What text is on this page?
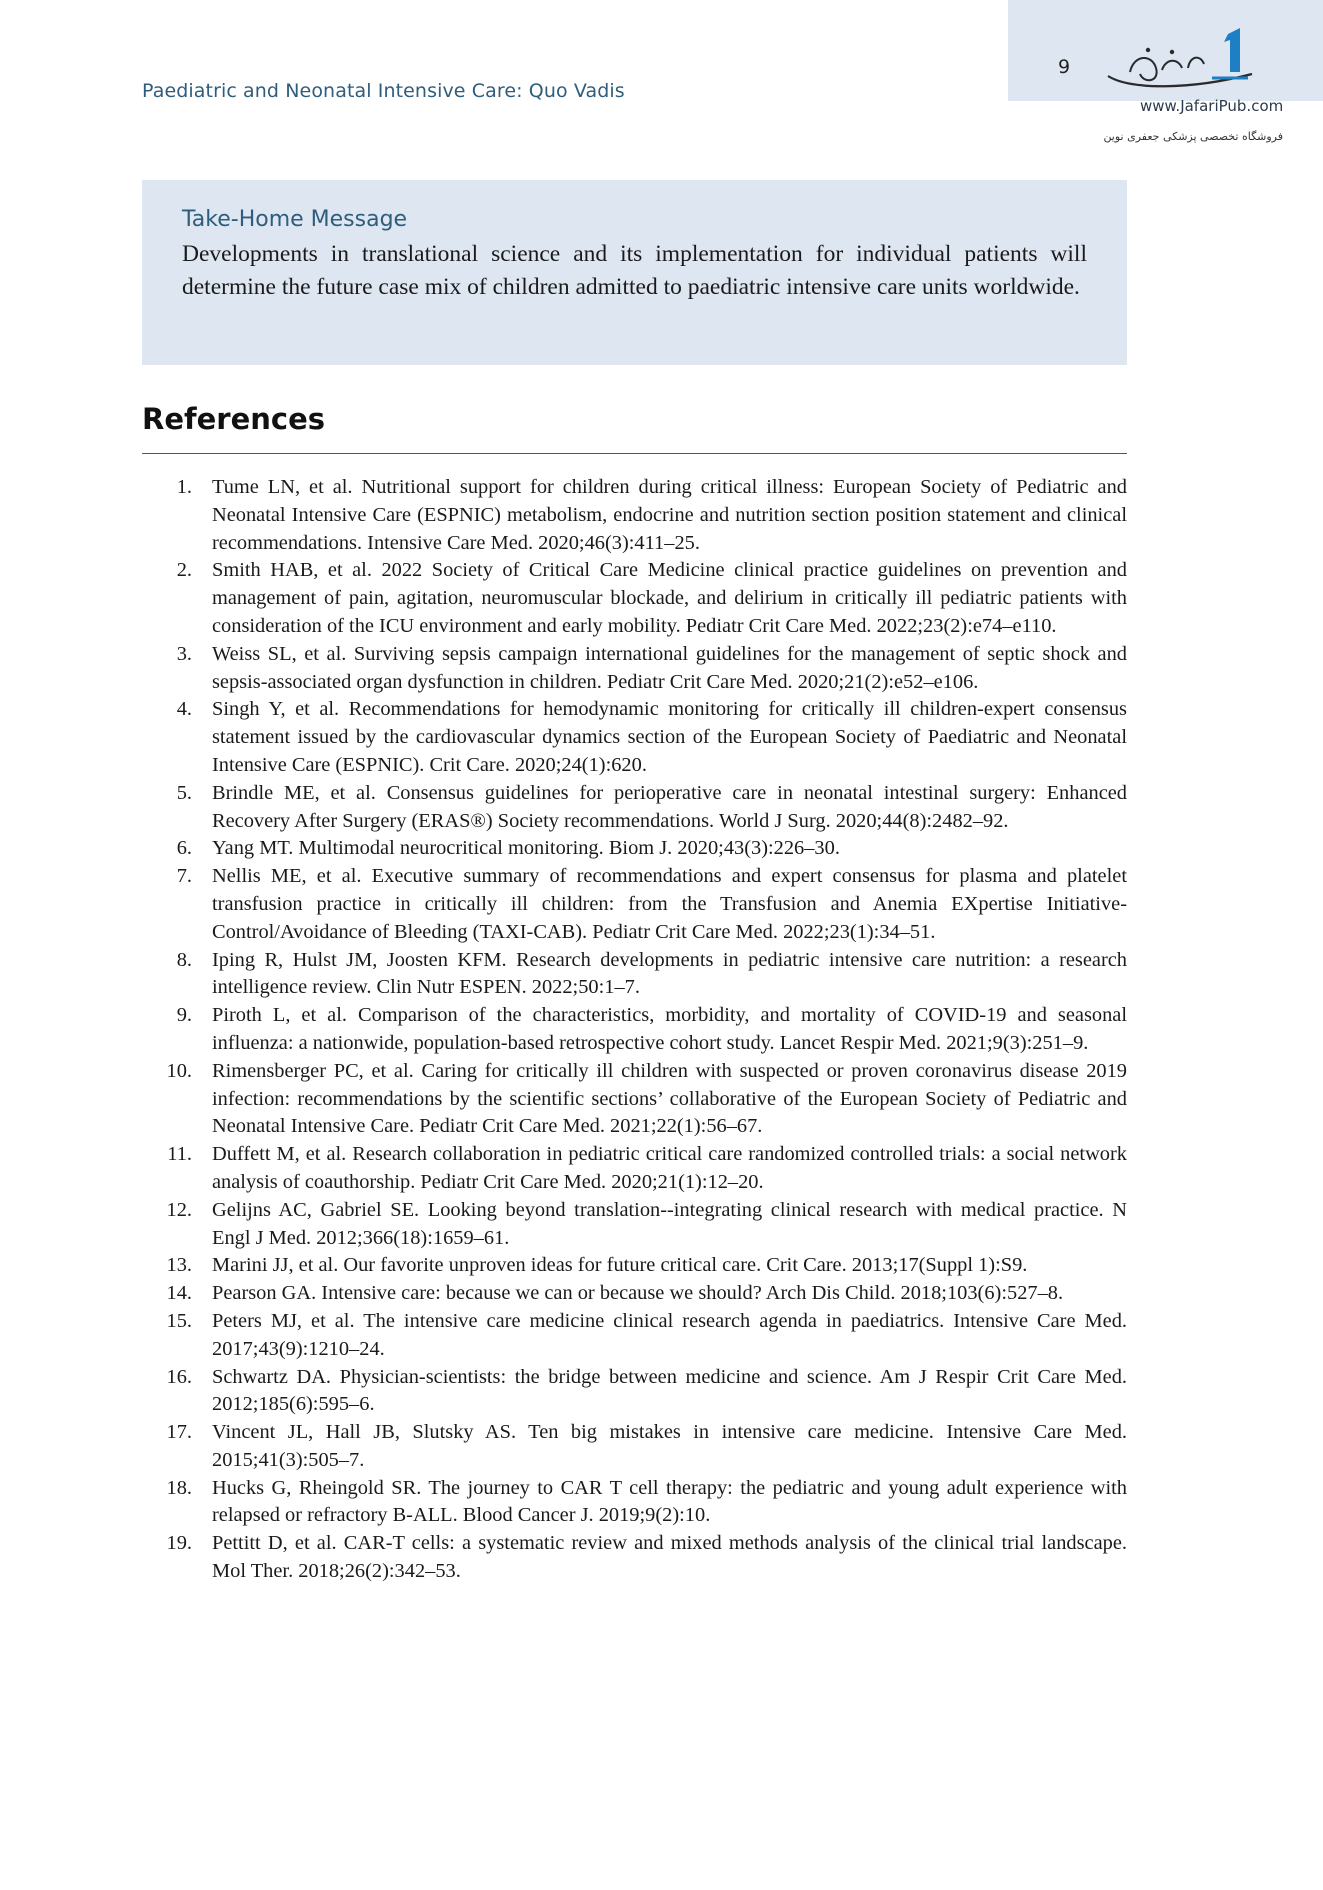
Paediatric and Neonatal Intensive Care: Quo Vadis
9
www.JafariPub.com
فروشگاه تخصصی پزشکی جعفری نوین
Take-Home Message
Developments in translational science and its implementation for individual patients will determine the future case mix of children admitted to paediatric intensive care units worldwide.
References
1. Tume LN, et al. Nutritional support for children during critical illness: European Society of Pediatric and Neonatal Intensive Care (ESPNIC) metabolism, endocrine and nutrition section position statement and clinical recommendations. Intensive Care Med. 2020;46(3):411–25.
2. Smith HAB, et al. 2022 Society of Critical Care Medicine clinical practice guidelines on prevention and management of pain, agitation, neuromuscular blockade, and delirium in critically ill pediatric patients with consideration of the ICU environment and early mobility. Pediatr Crit Care Med. 2022;23(2):e74–e110.
3. Weiss SL, et al. Surviving sepsis campaign international guidelines for the management of septic shock and sepsis-associated organ dysfunction in children. Pediatr Crit Care Med. 2020;21(2):e52–e106.
4. Singh Y, et al. Recommendations for hemodynamic monitoring for critically ill children-expert consensus statement issued by the cardiovascular dynamics section of the European Society of Paediatric and Neonatal Intensive Care (ESPNIC). Crit Care. 2020;24(1):620.
5. Brindle ME, et al. Consensus guidelines for perioperative care in neonatal intestinal surgery: Enhanced Recovery After Surgery (ERAS®) Society recommendations. World J Surg. 2020;44(8):2482–92.
6. Yang MT. Multimodal neurocritical monitoring. Biom J. 2020;43(3):226–30.
7. Nellis ME, et al. Executive summary of recommendations and expert consensus for plasma and platelet transfusion practice in critically ill children: from the Transfusion and Anemia EXpertise Initiative-Control/Avoidance of Bleeding (TAXI-CAB). Pediatr Crit Care Med. 2022;23(1):34–51.
8. Iping R, Hulst JM, Joosten KFM. Research developments in pediatric intensive care nutrition: a research intelligence review. Clin Nutr ESPEN. 2022;50:1–7.
9. Piroth L, et al. Comparison of the characteristics, morbidity, and mortality of COVID-19 and seasonal influenza: a nationwide, population-based retrospective cohort study. Lancet Respir Med. 2021;9(3):251–9.
10. Rimensberger PC, et al. Caring for critically ill children with suspected or proven coronavirus disease 2019 infection: recommendations by the scientific sections’ collaborative of the European Society of Pediatric and Neonatal Intensive Care. Pediatr Crit Care Med. 2021;22(1):56–67.
11. Duffett M, et al. Research collaboration in pediatric critical care randomized controlled trials: a social network analysis of coauthorship. Pediatr Crit Care Med. 2020;21(1):12–20.
12. Gelijns AC, Gabriel SE. Looking beyond translation--integrating clinical research with medical practice. N Engl J Med. 2012;366(18):1659–61.
13. Marini JJ, et al. Our favorite unproven ideas for future critical care. Crit Care. 2013;17(Suppl 1):S9.
14. Pearson GA. Intensive care: because we can or because we should? Arch Dis Child. 2018;103(6):527–8.
15. Peters MJ, et al. The intensive care medicine clinical research agenda in paediatrics. Intensive Care Med. 2017;43(9):1210–24.
16. Schwartz DA. Physician-scientists: the bridge between medicine and science. Am J Respir Crit Care Med. 2012;185(6):595–6.
17. Vincent JL, Hall JB, Slutsky AS. Ten big mistakes in intensive care medicine. Intensive Care Med. 2015;41(3):505–7.
18. Hucks G, Rheingold SR. The journey to CAR T cell therapy: the pediatric and young adult experience with relapsed or refractory B-ALL. Blood Cancer J. 2019;9(2):10.
19. Pettitt D, et al. CAR-T cells: a systematic review and mixed methods analysis of the clinical trial landscape. Mol Ther. 2018;26(2):342–53.
